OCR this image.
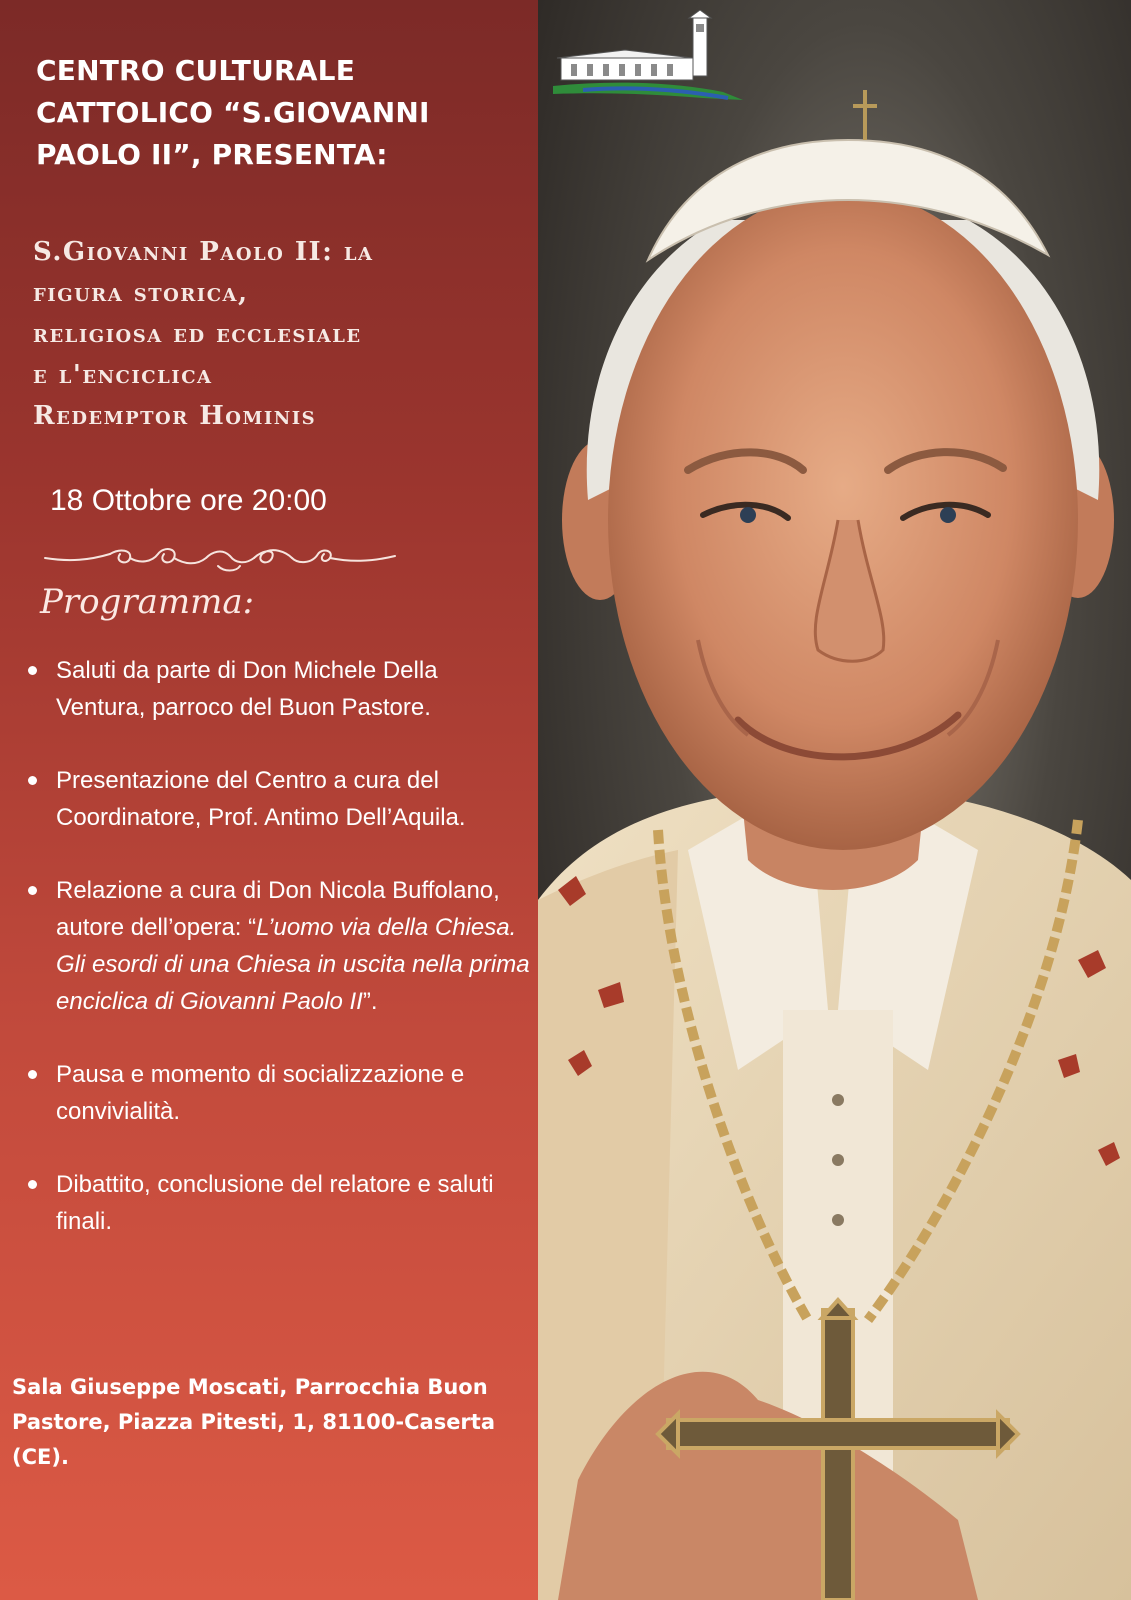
CENTRO CULTURALE
CATTOLICO “S.GIOVANNI
PAOLO II”, PRESENTA:
S.Giovanni Paolo II: la
figura storica,
religiosa ed ecclesiale
e l'enciclica
Redemptor Hominis
18 Ottobre ore 20:00
Programma:
Saluti da parte di Don Michele Della Ventura, parroco del Buon Pastore.
Presentazione del Centro a cura del Coordinatore, Prof. Antimo Dell’Aquila.
Relazione a cura di Don Nicola Buffolano, autore dell’opera: “L’uomo via della Chiesa. Gli esordi di una Chiesa in uscita nella prima enciclica di Giovanni Paolo II”.
Pausa e momento di socializzazione e convivialità.
Dibattito, conclusione del relatore e saluti finali.

Sala Giuseppe Moscati, Parrocchia Buon Pastore, Piazza Pitesti, 1, 81100-Caserta (CE).
